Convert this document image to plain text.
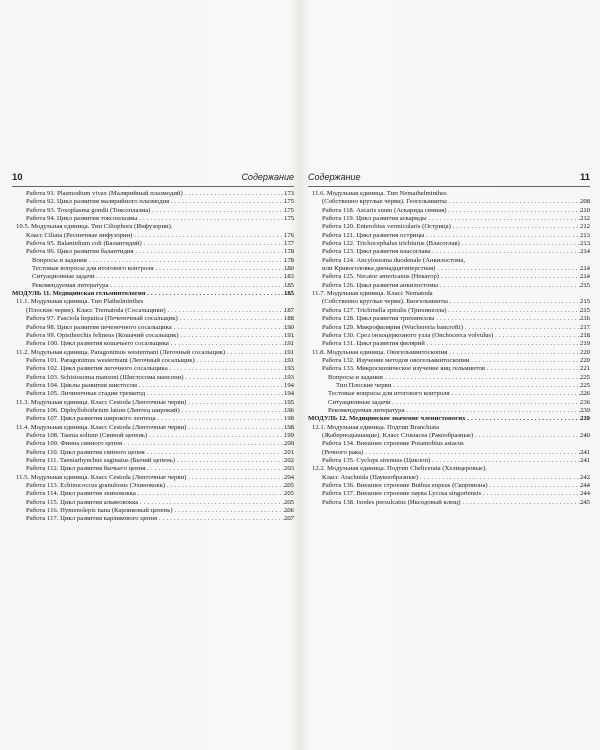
10	Содержание
Работа 91. Plasmodium vivax (Малярийный плазмодий) . . .	173
Работа 92. Цикл развития малярийного плазмодия . . .	175
Работа 93. Toxoplasma gondii (Токсоплазма) . . .	175
Работа 94. Цикл развития токсоплазмы . . .	175
10.5. Модульная единица. Тип Ciliophora (Инфузории).
Класс Ciliata (Ресничные инфузории) . . .	176
Работа 95. Balantidium coli (Балантидий) . . .	177
Работа 96. Цикл развития балантидия . . .	178
Вопросы и задания . . .	178
Тестовые вопросы для итогового контроля . . .	180
Ситуационные задачи . . .	183
Рекомендуемая литература . . .	185
МОДУЛЬ 11. Медицинская гельминтология . . .	185
11.1. Модульная единица. Тип Plathelminthes
(Плоские черви). Класс Trematoda (Сосальщики) . . .	187
Работа 97. Fasciola hepatica (Печеночный сосальщик) . . .	188
Работа 98. Цикл развития печеночного сосальщика . . .	190
Работа 99. Opisthorchis felineus (Кошачий сосальщик) . . .	191
Работа 100. Цикл развития кошачьего сосальщика . . .	191
11.2. Модульная единица. Paragonimus westermani (Легочный сосальщик) . . .	191
Работа 101. Paragonimus westermani (Легочный сосальщик) . . .	191
Работа 102. Цикл развития легочного сосальщика . . .	193
Работа 103. Schistosoma mansoni (Шистосома мансони) . . .	193
Работа 104. Циклы развития шистосом . . .	194
Работа 105. Личиночные стадии трематод . . .	194
11.3. Модульная единица. Класс Cestoda (Ленточные черви) . . .	195
Работа 106. Diphyllobothrium latum (Лентец широкий) . . .	196
Работа 107. Цикл развития широкого лентеца . . .	198
11.4. Модульная единица. Класс Cestoda (Ленточные черви) . . .	198
Работа 108. Taenia solium (Свиной цепень) . . .	199
Работа 109. Финна свиного цепня . . .	200
Работа 110. Цикл развития свиного цепня . . .	201
Работа 111. Taeniarhynchus saginatus (Бычий цепень) . . .	202
Работа 112. Цикл развития бычьего цепня . . .	203
11.5. Модульная единица. Класс Cestoda (Ленточные черви) . . .	204
Работа 113. Echinococcus granulosus (Эхинококк) . . .	205
Работа 114. Цикл развития эхинококка . . .	205
Работа 115. Цикл развития альвеококка . . .	205
Работа 116. Hymenolepis nana (Карликовый цепень) . . .	206
Работа 117. Цикл развития карликового цепня . . .	207
Содержание	11
11.6. Модульная единица. Тип Nemathelminthes
(Собственно круглые черви). Геогельминты . . .	208
Работа 118. Ascaris suum (Аскарида свиная) . . .	210
Работа 119. Цикл развития аскариды . . .	212
Работа 120. Enterobius vermicularis (Острица) . . .	212
Работа 121. Цикл развития острицы . . .	213
Работа 122. Trichocephalus trichiurus (Власоглав) . . .	213
Работа 123. Цикл развития власоглава . . .	214
Работа 124. Ancylostoma duodenale (Анкилостома,
или Кривоголовка двенадцатиперстная) . . .	214
Работа 125. Necator americanus (Некатор) . . .	214
Работа 126. Цикл развития анкилостомы . . .	215
11.7. Модульная единица. Класс Nematoda
(Собственно круглые черви). Биогельминты . . .	215
Работа 127. Trichinella spiralis (Трихинелла) . . .	215
Работа 128. Цикл развития трихинеллы . . .	216
Работа 129. Микрофилярия (Wuchereria bancrofti) . . .	217
Работа 130. Срез онхоцеркозного узла (Onchocerca volvulus) . . .	218
Работа 131. Цикл развития филярий . . .	219
11.8. Модульная единица. Овогельминтоскопия . . .	220
Работа 132. Изучение методов овогельминтоскопии . . .	220
Работа 133. Микроскопическое изучение яиц гельминтов . . .	221
Вопросы и задания . . .	225
Тип Плоские черви . . .	225
Тестовые вопросы для итогового контроля . . .	226
Ситуационные задачи . . .	236
Рекомендуемая литература . . .	239
МОДУЛЬ 12. Медицинское значение членистоногих . . .	239
12.1. Модульная единица. Подтип Branchiata
(Жабернодышащие). Класс Crustacea (Ракообразные) . . .	240
Работа 134. Внешнее строение Potamobius astacus
(Речного рака) . . .	241
Работа 135. Cyclops strenuus (Циклоп) . . .	241
12.2. Модульная единица. Подтип Chelicerata (Хелицеровые).
Класс Arachnida (Паукообразные) . . .	242
Работа 136. Внешнее строение Buthus eupeus (Скорпиона) . . .	244
Работа 137. Внешнее строение паука Lycosa singoriensis . . .	244
Работа 138. Ixodes persulcatus (Иксодовый клещ) . . .	245
